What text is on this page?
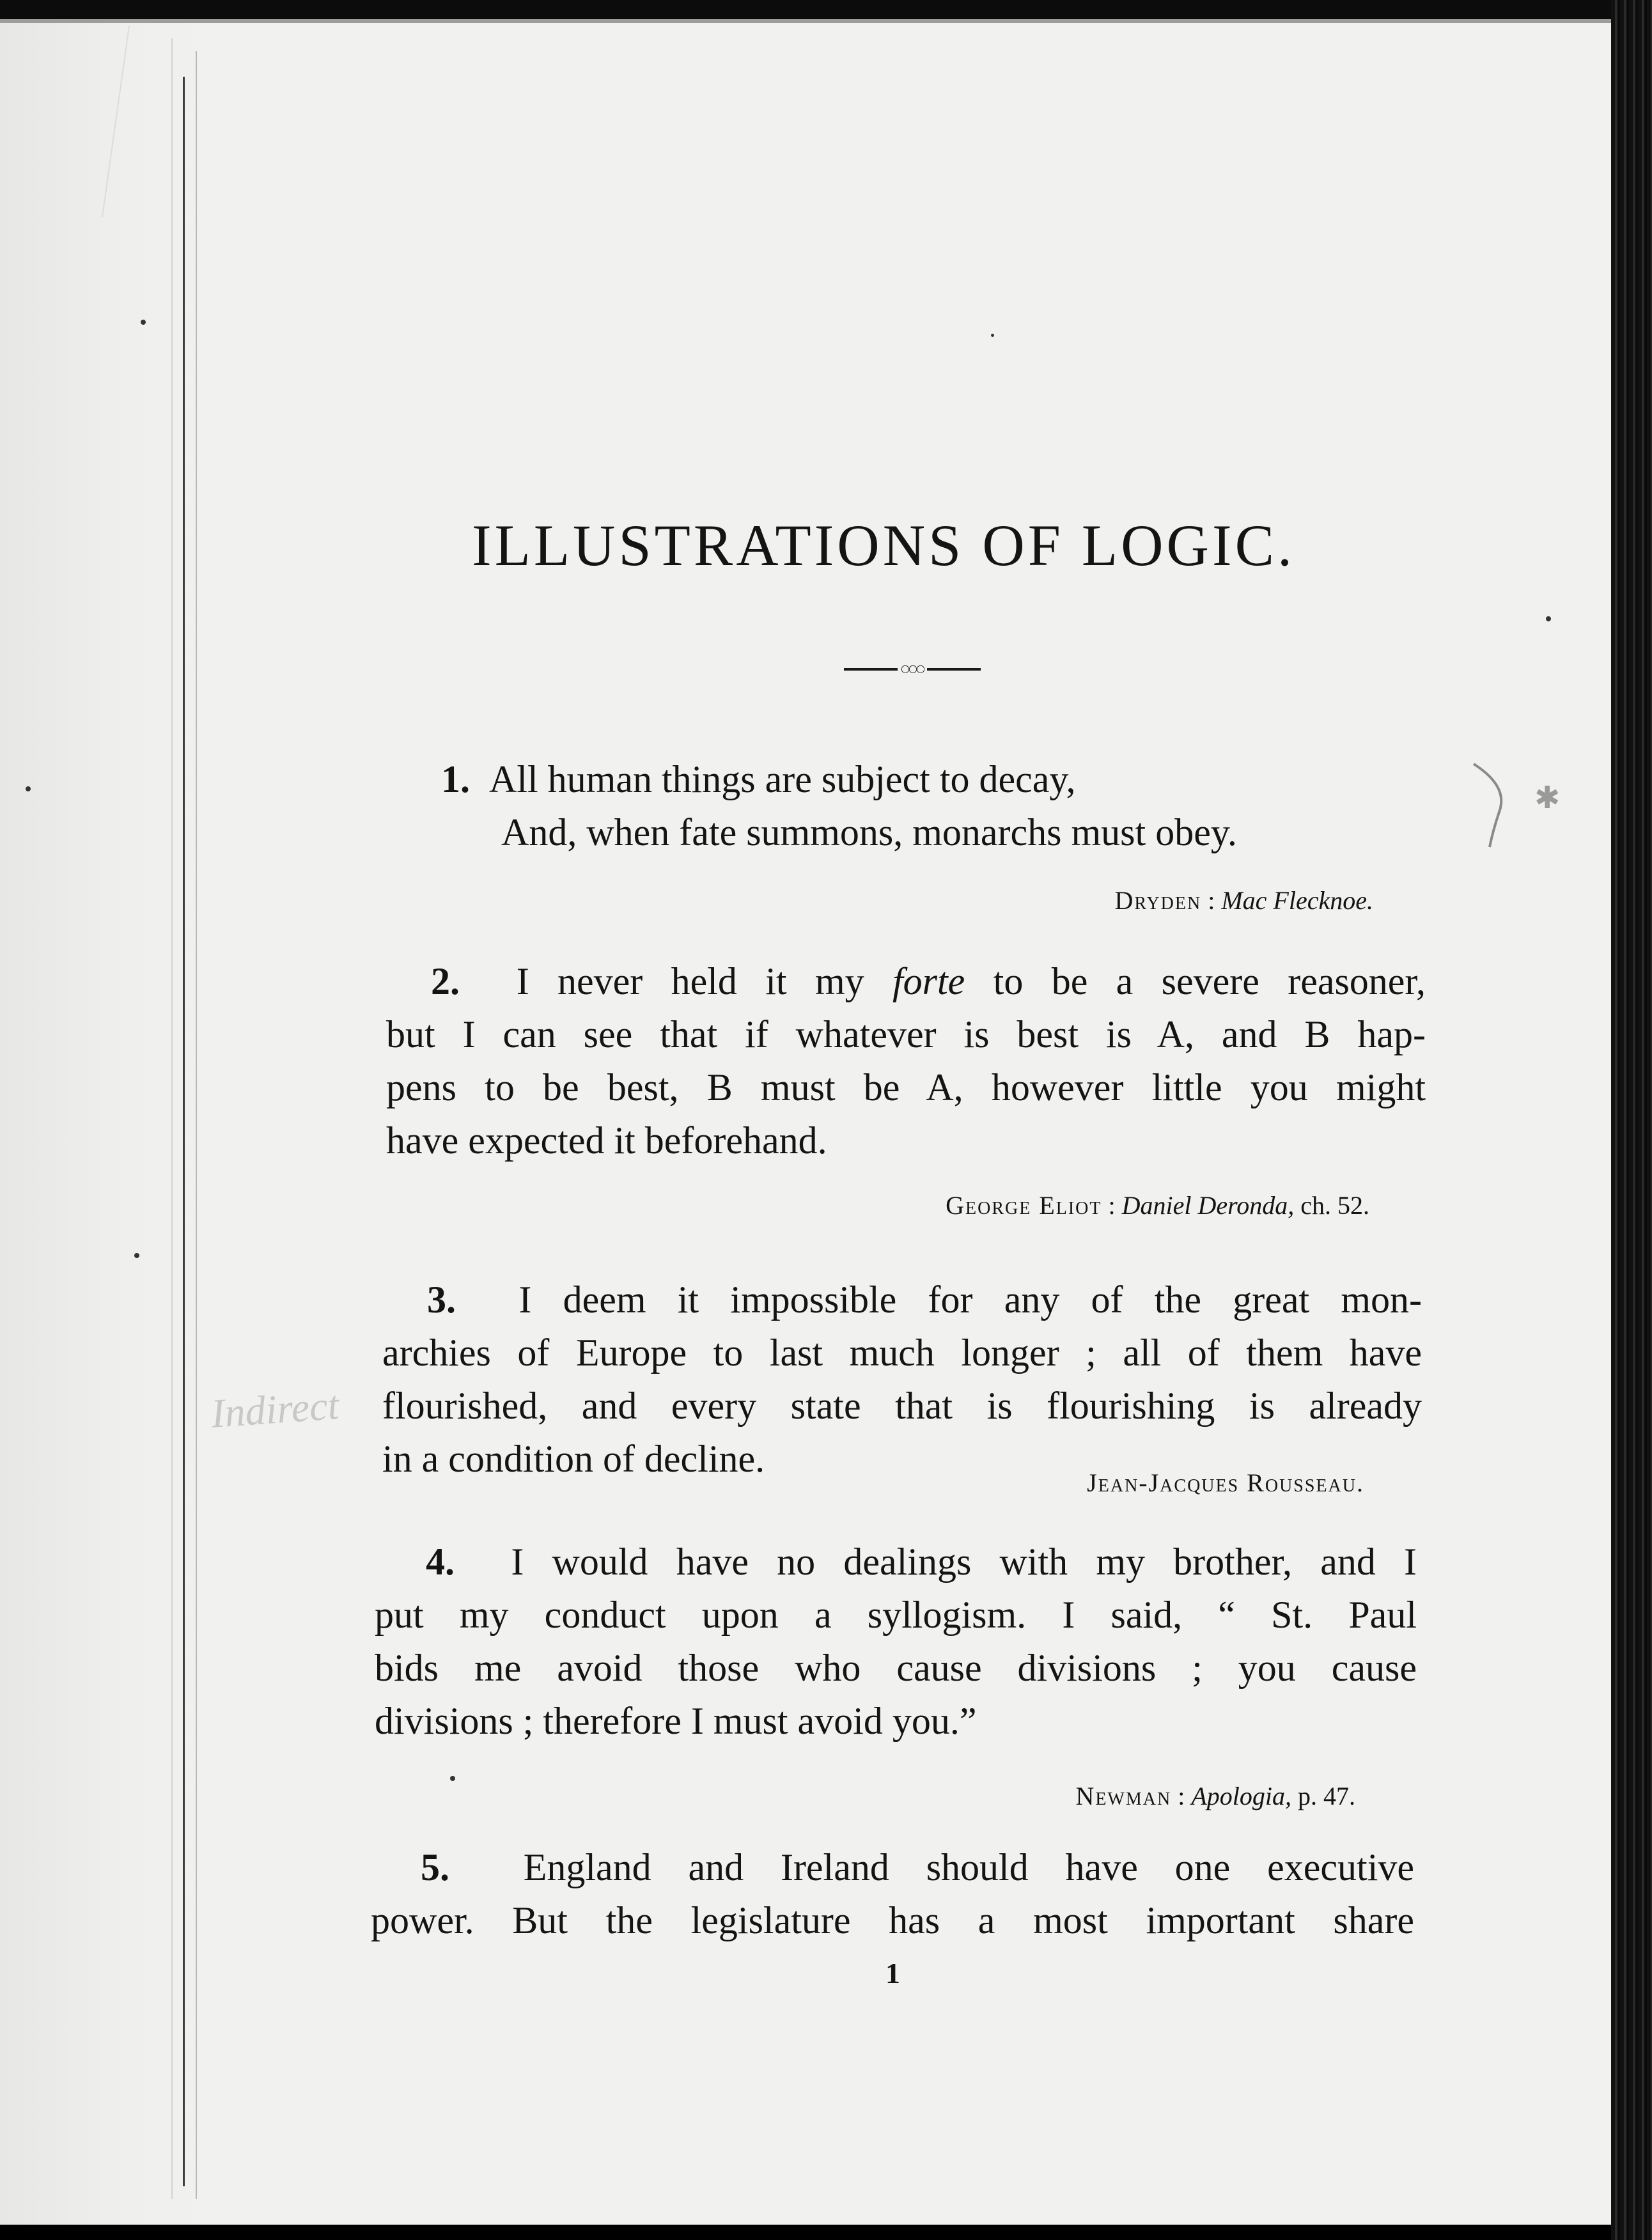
ILLUSTRATIONS OF LOGIC.
○○○
1. All human things are subject to decay,
And, when fate summons, monarchs must obey.
Dryden : Mac Flecknoe.
2. I never held it my forte to be a severe reasoner,
but I can see that if whatever is best is A, and B hap-
pens to be best, B must be A, however little you might
have expected it beforehand.
George Eliot : Daniel Deronda, ch. 52.
3. I deem it impossible for any of the great mon-
archies of Europe to last much longer ; all of them have
flourished, and every state that is flourishing is already
in a condition of decline.
Jean-Jacques Rousseau.
4. I would have no dealings with my brother, and I
put my conduct upon a syllogism. I said, “ St. Paul
bids me avoid those who cause divisions ; you cause
divisions ; therefore I must avoid you.”
Newman : Apologia, p. 47.
5. England and Ireland should have one executive
power. But the legislature has a most important share
1
Indirect
✱
